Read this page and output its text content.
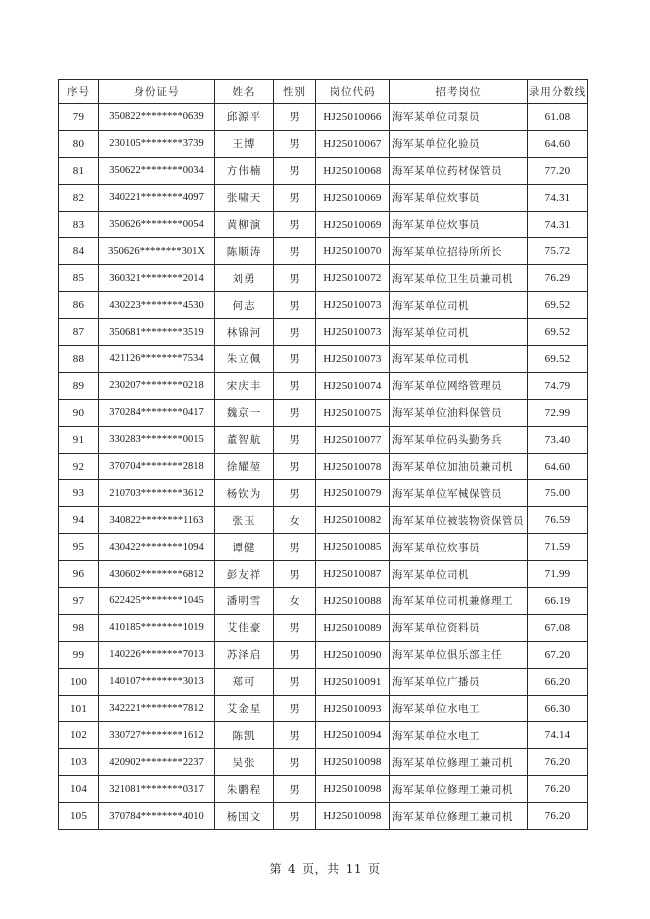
序号	身份证号	姓名	性别	岗位代码	招考岗位	录用分数线
79	350822********0639	邱源平	男	HJ25010066	海军某单位司泵员	61.08
80	230105********3739	王博	男	HJ25010067	海军某单位化验员	64.60
81	350622********0034	方伟楠	男	HJ25010068	海军某单位药材保管员	77.20
82	340221********4097	张啸天	男	HJ25010069	海军某单位炊事员	74.31
83	350626********0054	黄柳演	男	HJ25010069	海军某单位炊事员	74.31
84	350626********301X	陈顺涛	男	HJ25010070	海军某单位招待所所长	75.72
85	360321********2014	刘勇	男	HJ25010072	海军某单位卫生员兼司机	76.29
86	430223********4530	何志	男	HJ25010073	海军某单位司机	69.52
87	350681********3519	林锦河	男	HJ25010073	海军某单位司机	69.52
88	421126********7534	朱立佩	男	HJ25010073	海军某单位司机	69.52
89	230207********0218	宋庆丰	男	HJ25010074	海军某单位网络管理员	74.79
90	370284********0417	魏京一	男	HJ25010075	海军某单位油料保管员	72.99
91	330283********0015	董智航	男	HJ25010077	海军某单位码头勤务兵	73.40
92	370704********2818	徐耀堃	男	HJ25010078	海军某单位加油员兼司机	64.60
93	210703********3612	杨钦为	男	HJ25010079	海军某单位军械保管员	75.00
94	340822********1163	张玉	女	HJ25010082	海军某单位被装物资保管员	76.59
95	430422********1094	谭健	男	HJ25010085	海军某单位炊事员	71.59
96	430602********6812	彭友祥	男	HJ25010087	海军某单位司机	71.99
97	622425********1045	潘明雪	女	HJ25010088	海军某单位司机兼修理工	66.19
98	410185********1019	艾佳豪	男	HJ25010089	海军某单位资料员	67.08
99	140226********7013	苏泽启	男	HJ25010090	海军某单位俱乐部主任	67.20
100	140107********3013	郑可	男	HJ25010091	海军某单位广播员	66.20
101	342221********7812	艾金星	男	HJ25010093	海军某单位水电工	66.30
102	330727********1612	陈凯	男	HJ25010094	海军某单位水电工	74.14
103	420902********2237	吴张	男	HJ25010098	海军某单位修理工兼司机	76.20
104	321081********0317	朱鹏程	男	HJ25010098	海军某单位修理工兼司机	76.20
105	370784********4010	杨国文	男	HJ25010098	海军某单位修理工兼司机	76.20
第 4 页，共 11 页
